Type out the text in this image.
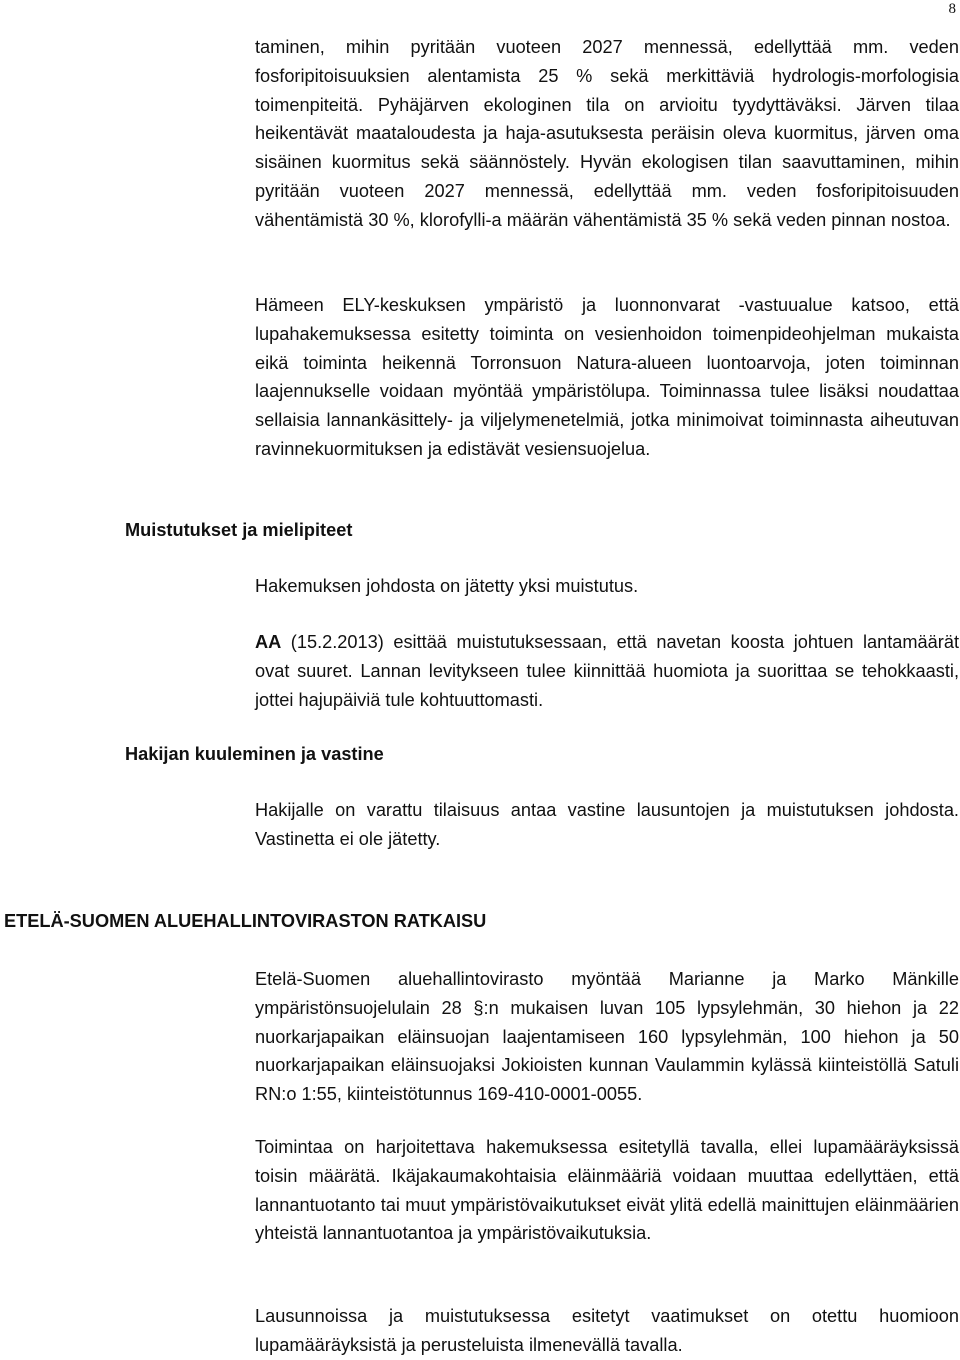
8

taminen, mihin pyritään vuoteen 2027 mennessä, edellyttää mm. veden fosforipitoisuuksien alentamista 25 % sekä merkittäviä hydrologis-morfologisia toimenpiteitä. Pyhäjärven ekologinen tila on arvioitu tyydyttäväksi. Järven tilaa heikentävät maataloudesta ja haja-asutuksesta peräisin oleva kuormitus, järven oma sisäinen kuormitus sekä säännöstely. Hyvän ekologisen tilan saavuttaminen, mihin pyritään vuoteen 2027 mennessä, edellyttää mm. veden fosforipitoisuuden vähentämistä 30 %, klorofylli-a määrän vähentämistä 35 % sekä veden pinnan nostoa.

Hämeen ELY-keskuksen ympäristö ja luonnonvarat -vastuualue katsoo, että lupahakemuksessa esitetty toiminta on vesienhoidon toimenpideohjelman mukaista eikä toiminta heikennä Torronsuon Natura-alueen luontoarvoja, joten toiminnan laajennukselle voidaan myöntää ympäristölupa. Toiminnassa tulee lisäksi noudattaa sellaisia lannankäsittely- ja viljelymenetelmiä, jotka minimoivat toiminnasta aiheutuvan ravinnekuormituksen ja edistävät vesiensuojelua.

Muistutukset ja mielipiteet

Hakemuksen johdosta on jätetty yksi muistutus.

AA (15.2.2013) esittää muistutuksessaan, että navetan koosta johtuen lantamäärät ovat suuret. Lannan levitykseen tulee kiinnittää huomiota ja suorittaa se tehokkaasti, jottei hajupäiviä tule kohtuuttomasti.

Hakijan kuuleminen ja vastine

Hakijalle on varattu tilaisuus antaa vastine lausuntojen ja muistutuksen johdosta. Vastinetta ei ole jätetty.

ETELÄ-SUOMEN ALUEHALLINTOVIRASTON RATKAISU

Etelä-Suomen aluehallintovirasto myöntää Marianne ja Marko Mänkille ympäristönsuojelulain 28 §:n mukaisen luvan 105 lypsylehmän, 30 hiehon ja 22 nuorkarjapaikan eläinsuojan laajentamiseen 160 lypsylehmän, 100 hiehon ja 50 nuorkarjapaikan eläinsuojaksi Jokioisten kunnan Vaulammin kylässä kiinteistöllä Satuli RN:o 1:55, kiinteistötunnus 169-410-0001-0055.

Toimintaa on harjoitettava hakemuksessa esitetyllä tavalla, ellei lupamääräyksissä toisin määrätä. Ikäjakaumakohtaisia eläinmääriä voidaan muuttaa edellyttäen, että lannantuotanto tai muut ympäristövaikutukset eivät ylitä edellä mainittujen eläinmäärien yhteistä lannantuotantoa ja ympäristövaikutuksia.

Lausunnoissa ja muistutuksessa esitetyt vaatimukset on otettu huomioon lupamääräyksistä ja perusteluista ilmenevällä tavalla.
